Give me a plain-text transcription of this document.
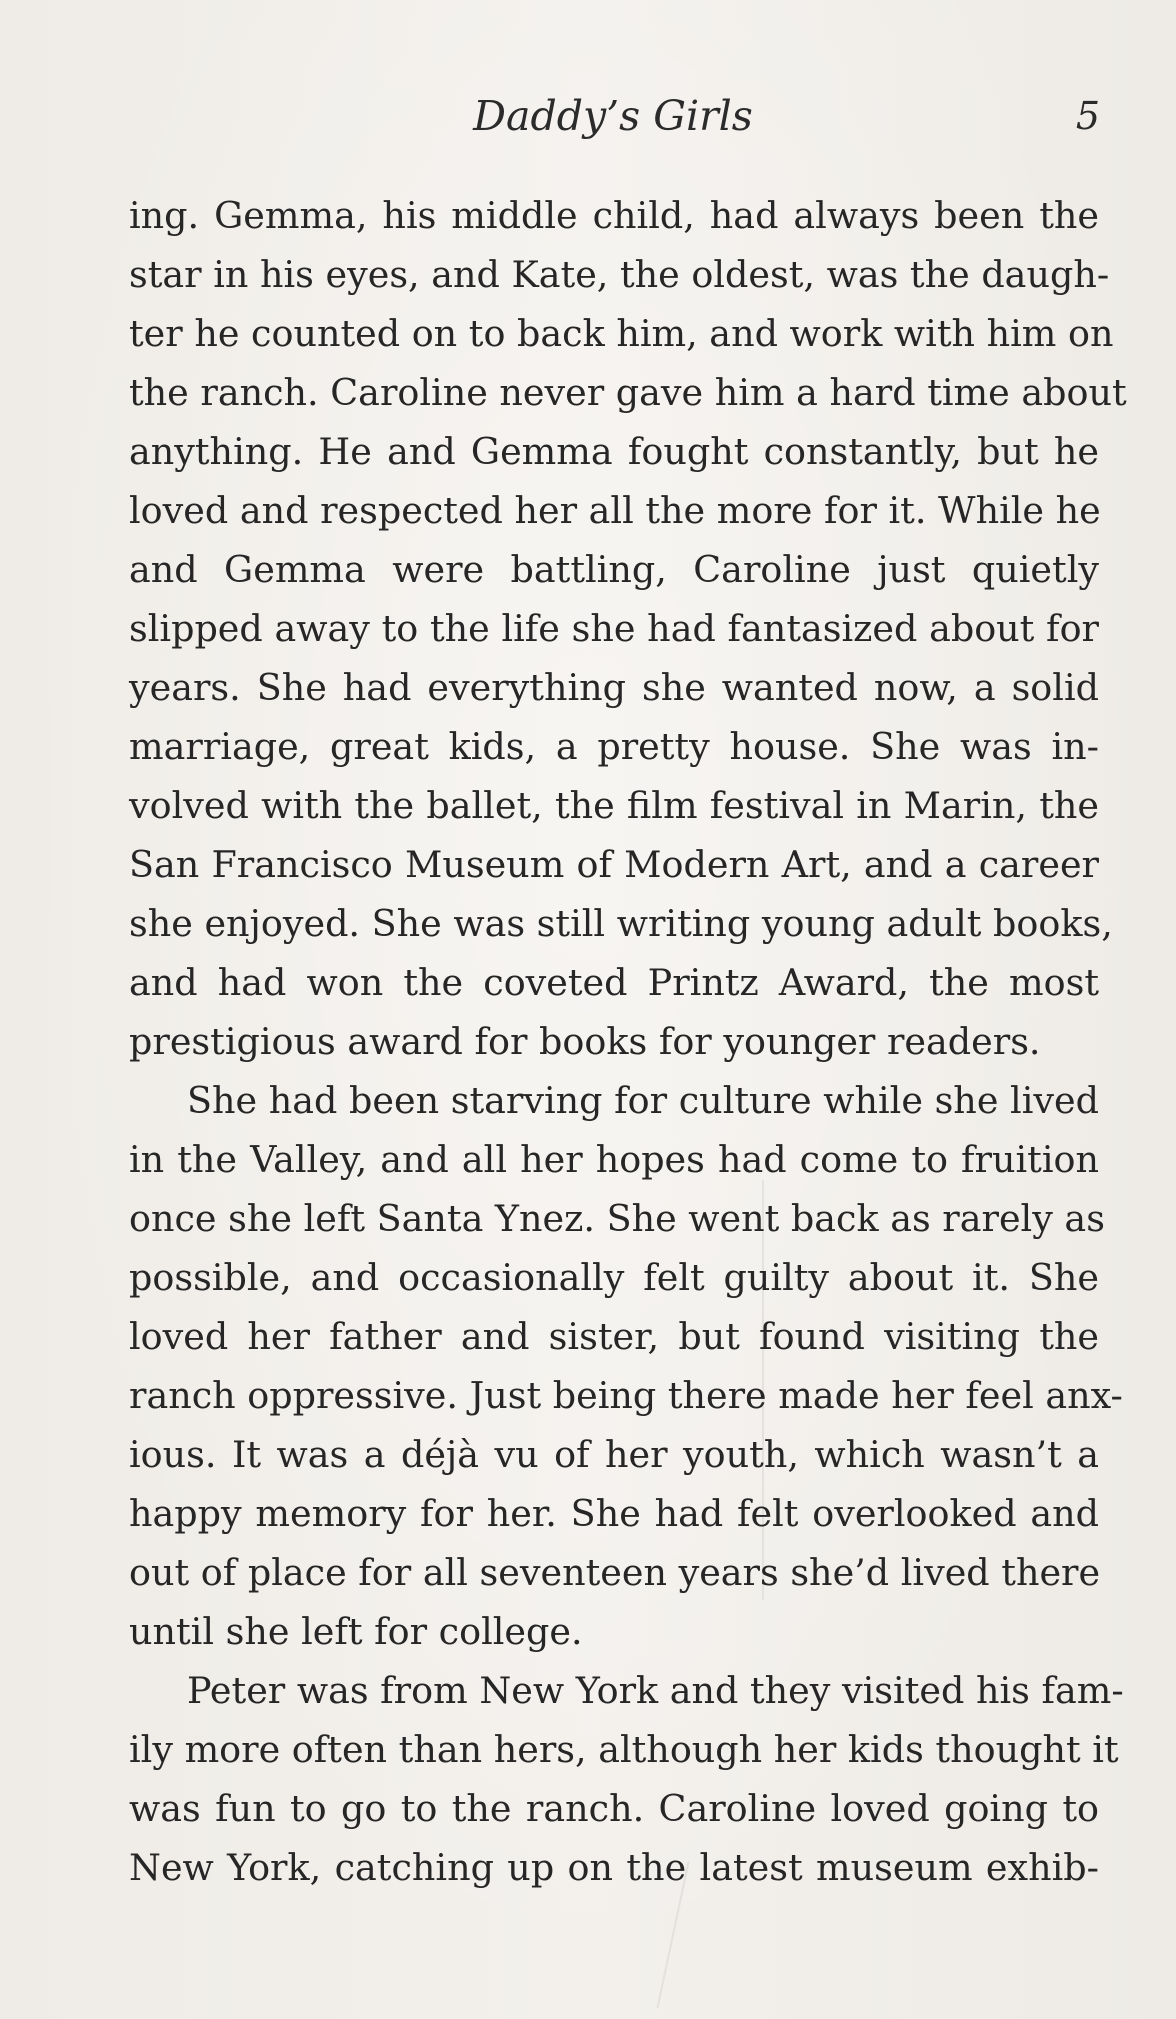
Daddy’s Girls	5
ing. Gemma, his middle child, had always been the
star in his eyes, and Kate, the oldest, was the daugh-
ter he counted on to back him, and work with him on
the ranch. Caroline never gave him a hard time about
anything. He and Gemma fought constantly, but he
loved and respected her all the more for it. While he
and Gemma were battling, Caroline just quietly
slipped away to the life she had fantasized about for
years. She had everything she wanted now, a solid
marriage, great kids, a pretty house. She was in-
volved with the ballet, the film festival in Marin, the
San Francisco Museum of Modern Art, and a career
she enjoyed. She was still writing young adult books,
and had won the coveted Printz Award, the most
prestigious award for books for younger readers.
She had been starving for culture while she lived
in the Valley, and all her hopes had come to fruition
once she left Santa Ynez. She went back as rarely as
possible, and occasionally felt guilty about it. She
loved her father and sister, but found visiting the
ranch oppressive. Just being there made her feel anx-
ious. It was a déjà vu of her youth, which wasn’t a
happy memory for her. She had felt overlooked and
out of place for all seventeen years she’d lived there
until she left for college.
Peter was from New York and they visited his fam-
ily more often than hers, although her kids thought it
was fun to go to the ranch. Caroline loved going to
New York, catching up on the latest museum exhib-
